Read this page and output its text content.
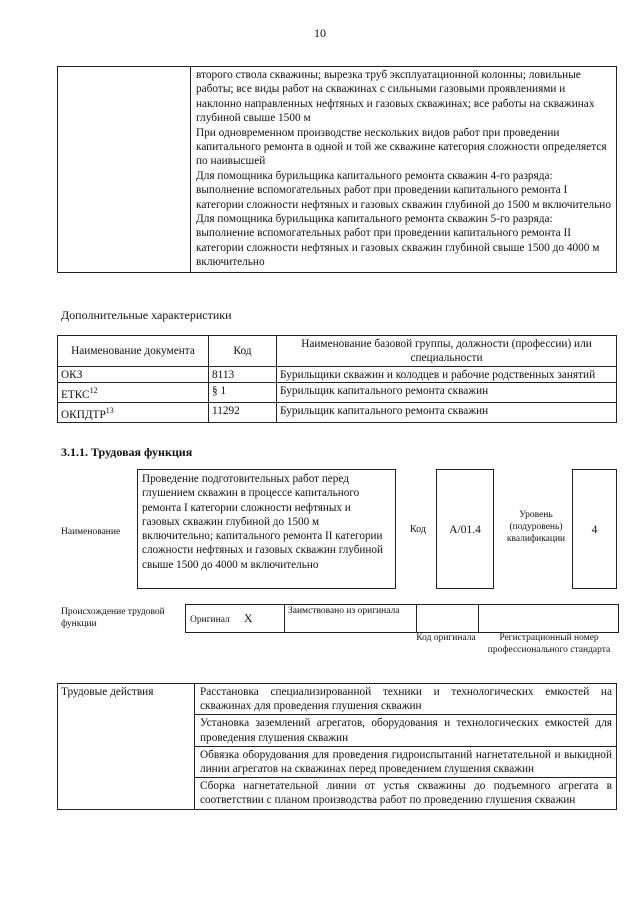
10

второго ствола скважины; вырезка труб эксплуатационной колонны; ловильные работы; все виды работ на скважинах с сильными газовыми проявлениями и наклонно направленных нефтяных и газовых скважинах; все работы на скважинах глубиной свыше 1500 м

При одновременном производстве нескольких видов работ при проведении капитального ремонта в одной и той же скважине категория сложности определяется по наивысшей

Для помощника бурильщика капитального ремонта скважин 4-го разряда: выполнение вспомогательных работ при проведении капитального ремонта I категории сложности нефтяных и газовых скважин глубиной до 1500 м включительно

Для помощника бурильщика капитального ремонта скважин 5-го разряда: выполнение вспомогательных работ при проведении капитального ремонта II категории сложности нефтяных и газовых скважин глубиной свыше 1500 до 4000 м включительно

Дополнительные характеристики
Наименование документа	Код	Наименование базовой группы, должности (профессии) или специальности
ОКЗ	8113	Бурильщики скважин и колодцев и рабочие родственных занятий
ЕТКС$^{12}$	§ 1	Бурильщик капитального ремонта скважин
ОКПДТР$^{13}$	11292	Бурильщик капитального ремонта скважин
3.1.1. Трудовая функция
Наименование
Проведение подготовительных работ перед глушением скважин в процессе капитального ремонта I категории сложности нефтяных и газовых скважин глубиной до 1500 м включительно; капитального ремонта II категории сложности нефтяных и газовых скважин глубиной свыше 1500 до 4000 м включительно
Код	A/01.4
Уровень (подуровень) квалификации
4
Происхождение трудовой функции	Оригинал X	Заимствовано из оригинала		
Код оригинала	Регистрационный номер профессионального стандарта
Трудовые действия	Расстановка специализированной техники и технологических емкостей на скважинах для проведения глушения скважин
Установка заземлений агрегатов, оборудования и технологических емкостей для проведения глушения скважин
Обвязка оборудования для проведения гидроиспытаний нагнетательной и выкидной линии агрегатов на скважинах перед проведением глушения скважин
Сборка нагнетательной линии от устья скважины до подъемного агрегата в соответствии с планом производства работ по проведению глушения скважин
